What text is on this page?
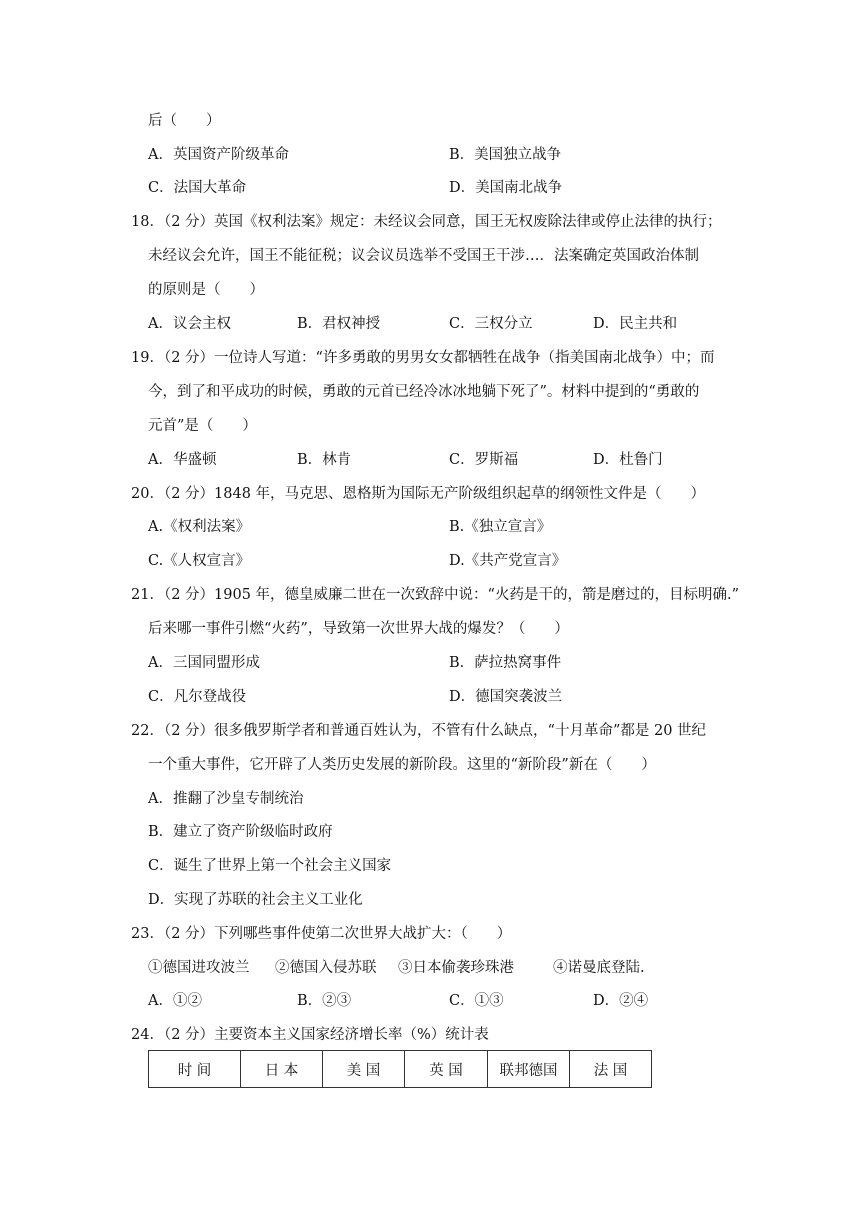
后（　　）
A．英国资产阶级革命	B．美国独立战争
C．法国大革命	D．美国南北战争
18．（2 分）英国《权利法案》规定：未经议会同意，国王无权废除法律或停止法律的执行；
未经议会允许，国王不能征税；议会议员选举不受国王干涉…．法案确定英国政治体制
的原则是（　　）
A．议会主权	B．君权神授	C．三权分立	D．民主共和
19．（2 分）一位诗人写道：“许多勇敢的男男女女都牺牲在战争（指美国南北战争）中；而
今，到了和平成功的时候，勇敢的元首已经冷冰冰地躺下死了”。材料中提到的“勇敢的
元首”是（　　）
A．华盛顿	B．林肯	C．罗斯福	D．杜鲁门
20．（2 分）1848 年，马克思、恩格斯为国际无产阶级组织起草的纲领性文件是（　　）
A.《权利法案》	B.《独立宣言》
C.《人权宣言》	D.《共产党宣言》
21．（2 分）1905 年，德皇威廉二世在一次致辞中说：“火药是干的，箭是磨过的，目标明确.”
后来哪一事件引燃“火药”，导致第一次世界大战的爆发？（　　）
A．三国同盟形成	B．萨拉热窝事件
C．凡尔登战役	D．德国突袭波兰
22．（2 分）很多俄罗斯学者和普通百姓认为，不管有什么缺点，“十月革命”都是 20 世纪
一个重大事件，它开辟了人类历史发展的新阶段。这里的“新阶段”新在（　　）
A．推翻了沙皇专制统治
B．建立了资产阶级临时政府
C．诞生了世界上第一个社会主义国家
D．实现了苏联的社会主义工业化
23．（2 分）下列哪些事件使第二次世界大战扩大：（　　）
①德国进攻波兰 ②德国入侵苏联 ③日本偷袭珍珠港	④诺曼底登陆.
A．①②	B．②③	C．①③	D．②④
24．（2 分）主要资本主义国家经济增长率（%）统计表
时 间	日 本	美 国	英 国	联邦德国	法 国
